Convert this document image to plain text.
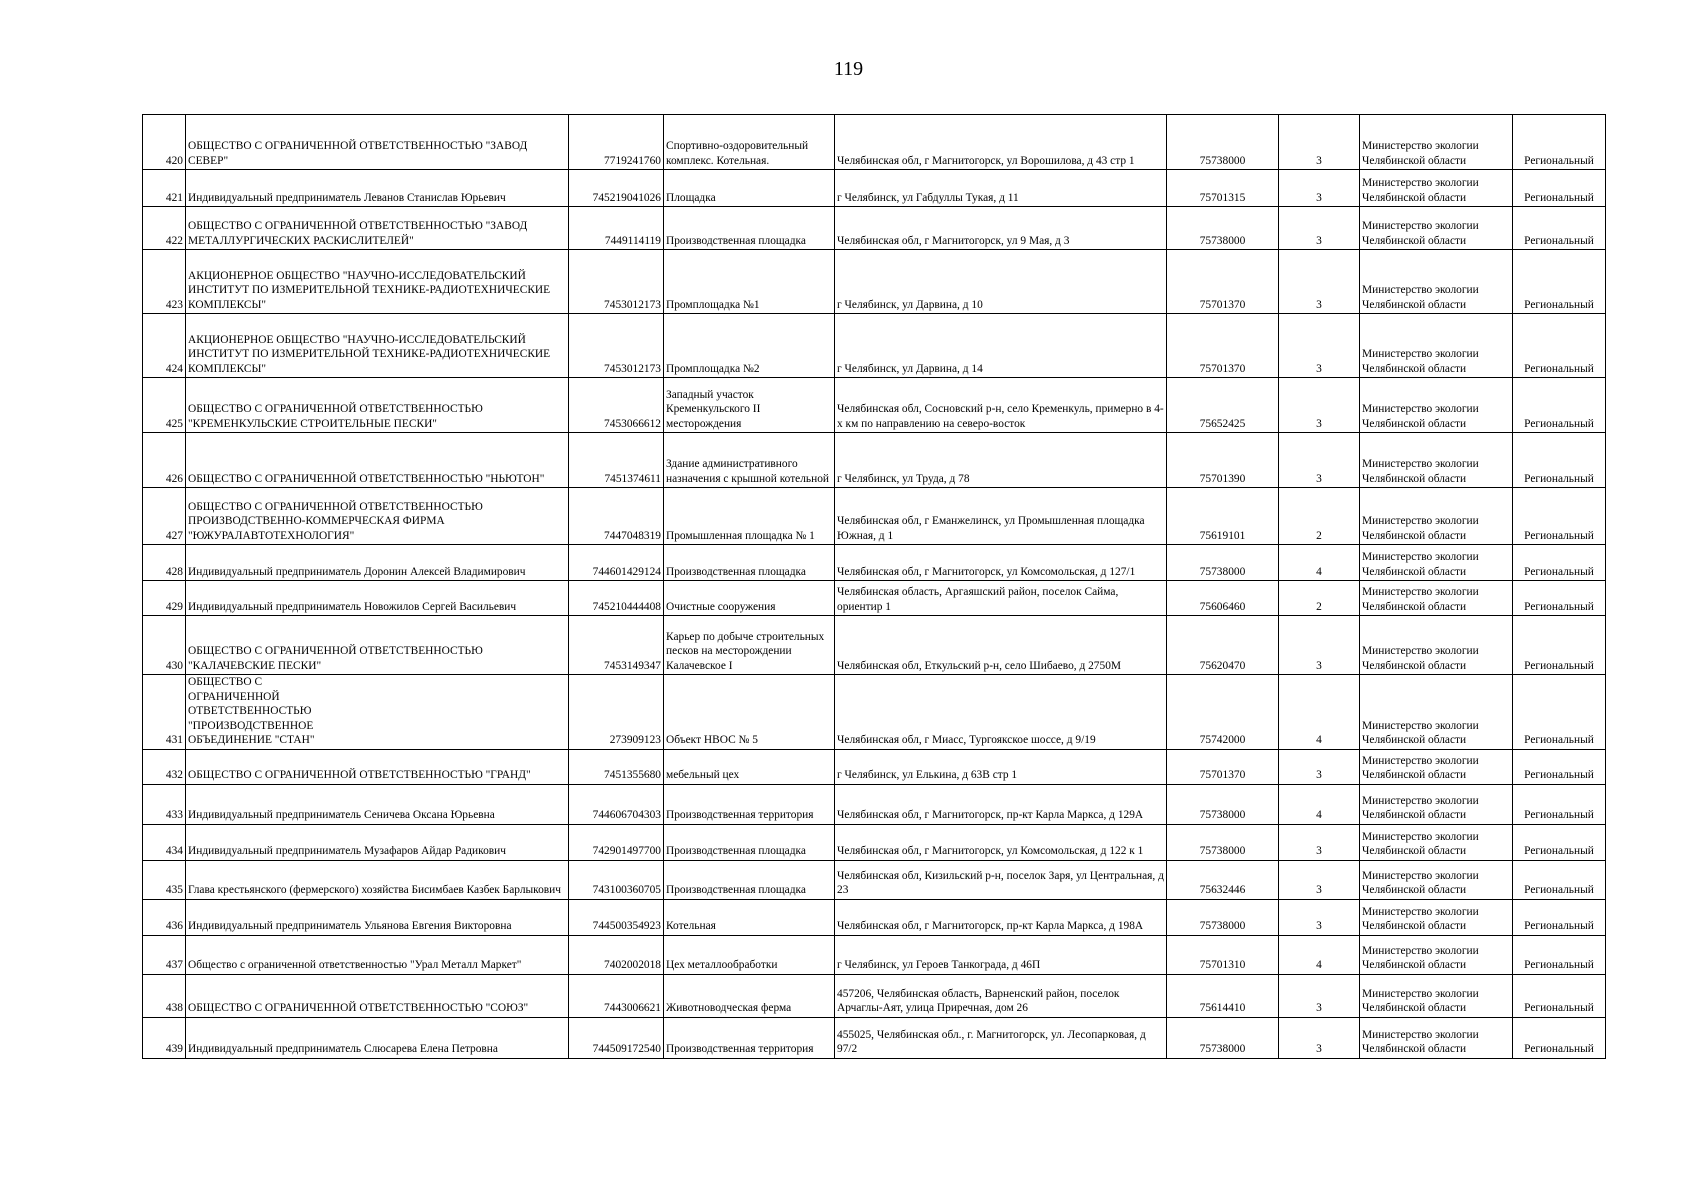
119
420	ОБЩЕСТВО С ОГРАНИЧЕННОЙ ОТВЕТСТВЕННОСТЬЮ "ЗАВОД СЕВЕР"	7719241760	Спортивно-оздоровительный комплекс. Котельная.	Челябинская обл, г Магнитогорск, ул Ворошилова, д 43 стр 1	75738000	3	Министерство экологии Челябинской области	Региональный
421	Индивидуальный предприниматель Леванов Станислав Юрьевич	745219041026	Площадка	г Челябинск, ул Габдуллы Тукая, д 11	75701315	3	Министерство экологии Челябинской области	Региональный
422	ОБЩЕСТВО С ОГРАНИЧЕННОЙ ОТВЕТСТВЕННОСТЬЮ "ЗАВОД МЕТАЛЛУРГИЧЕСКИХ РАСКИСЛИТЕЛЕЙ"	7449114119	Производственная площадка	Челябинская обл, г Магнитогорск, ул 9 Мая, д 3	75738000	3	Министерство экологии Челябинской области	Региональный
423	АКЦИОНЕРНОЕ ОБЩЕСТВО "НАУЧНО-ИССЛЕДОВАТЕЛЬСКИЙ ИНСТИТУТ ПО ИЗМЕРИТЕЛЬНОЙ ТЕХНИКЕ-РАДИОТЕХНИЧЕСКИЕ КОМПЛЕКСЫ"	7453012173	Промплощадка №1	г Челябинск, ул Дарвина, д 10	75701370	3	Министерство экологии Челябинской области	Региональный
424	АКЦИОНЕРНОЕ ОБЩЕСТВО "НАУЧНО-ИССЛЕДОВАТЕЛЬСКИЙ ИНСТИТУТ ПО ИЗМЕРИТЕЛЬНОЙ ТЕХНИКЕ-РАДИОТЕХНИЧЕСКИЕ КОМПЛЕКСЫ"	7453012173	Промплощадка №2	г Челябинск, ул Дарвина, д 14	75701370	3	Министерство экологии Челябинской области	Региональный
425	ОБЩЕСТВО С ОГРАНИЧЕННОЙ ОТВЕТСТВЕННОСТЬЮ "КРЕМЕНКУЛЬСКИЕ СТРОИТЕЛЬНЫЕ ПЕСКИ"	7453066612	Западный участок Кременкульского II месторождения	Челябинская обл, Сосновский р-н, село Кременкуль, примерно в 4-х км по направлению на северо-восток	75652425	3	Министерство экологии Челябинской области	Региональный
426	ОБЩЕСТВО С ОГРАНИЧЕННОЙ ОТВЕТСТВЕННОСТЬЮ "НЬЮТОН"	7451374611	Здание административного назначения с крышной котельной	г Челябинск, ул Труда, д 78	75701390	3	Министерство экологии Челябинской области	Региональный
427	ОБЩЕСТВО С ОГРАНИЧЕННОЙ ОТВЕТСТВЕННОСТЬЮ ПРОИЗВОДСТВЕННО-КОММЕРЧЕСКАЯ ФИРМА "ЮЖУРАЛАВТОТЕХНОЛОГИЯ"	7447048319	Промышленная площадка № 1	Челябинская обл, г Еманжелинск, ул Промышленная площадка Южная, д 1	75619101	2	Министерство экологии Челябинской области	Региональный
428	Индивидуальный предприниматель Доронин Алексей Владимирович	744601429124	Производственная площадка	Челябинская обл, г Магнитогорск, ул Комсомольская, д 127/1	75738000	4	Министерство экологии Челябинской области	Региональный
429	Индивидуальный предприниматель Новожилов Сергей Васильевич	745210444408	Очистные сооружения	Челябинская область, Аргаяшский район, поселок Сайма, ориентир 1	75606460	2	Министерство экологии Челябинской области	Региональный
430	ОБЩЕСТВО С ОГРАНИЧЕННОЙ ОТВЕТСТВЕННОСТЬЮ "КАЛАЧЕВСКИЕ ПЕСКИ"	7453149347	Карьер по добыче строительных песков на месторождении Калачевское I	Челябинская обл, Еткульский р-н, село Шибаево, д 2750М	75620470	3	Министерство экологии Челябинской области	Региональный
431	ОБЩЕСТВО С ОГРАНИЧЕННОЙ ОТВЕТСТВЕННОСТЬЮ "ПРОИЗВОДСТВЕННОЕ ОБЪЕДИНЕНИЕ "СТАН"	273909123	Объект НВОС № 5	Челябинская обл, г Миасс, Тургоякское шоссе, д 9/19	75742000	4	Министерство экологии Челябинской области	Региональный
432	ОБЩЕСТВО С ОГРАНИЧЕННОЙ ОТВЕТСТВЕННОСТЬЮ "ГРАНД"	7451355680	мебельный цех	г Челябинск, ул Елькина, д 63В стр 1	75701370	3	Министерство экологии Челябинской области	Региональный
433	Индивидуальный предприниматель Сеничева Оксана Юрьевна	744606704303	Производственная территория	Челябинская обл, г Магнитогорск, пр-кт Карла Маркса, д 129А	75738000	4	Министерство экологии Челябинской области	Региональный
434	Индивидуальный предприниматель Музафаров Айдар Радикович	742901497700	Производственная площадка	Челябинская обл, г Магнитогорск, ул Комсомольская, д 122 к 1	75738000	3	Министерство экологии Челябинской области	Региональный
435	Глава крестьянского (фермерского) хозяйства Бисимбаев Казбек Барлыкович	743100360705	Производственная площадка	Челябинская обл, Кизильский р-н, поселок Заря, ул Центральная, д 23	75632446	3	Министерство экологии Челябинской области	Региональный
436	Индивидуальный предприниматель Ульянова Евгения Викторовна	744500354923	Котельная	Челябинская обл, г Магнитогорск, пр-кт Карла Маркса, д 198А	75738000	3	Министерство экологии Челябинской области	Региональный
437	Общество с ограниченной ответственностью "Урал Металл Маркет"	7402002018	Цех металлообработки	г Челябинск, ул Героев Танкограда, д 46П	75701310	4	Министерство экологии Челябинской области	Региональный
438	ОБЩЕСТВО С ОГРАНИЧЕННОЙ ОТВЕТСТВЕННОСТЬЮ "СОЮЗ"	7443006621	Животноводческая ферма	457206, Челябинская область, Варненский район, поселок Арчаглы-Аят, улица Приречная, дом 26	75614410	3	Министерство экологии Челябинской области	Региональный
439	Индивидуальный предприниматель Слюсарева Елена Петровна	744509172540	Производственная территория	455025, Челябинская обл., г. Магнитогорск, ул. Лесопарковая, д 97/2	75738000	3	Министерство экологии Челябинской области	Региональный
